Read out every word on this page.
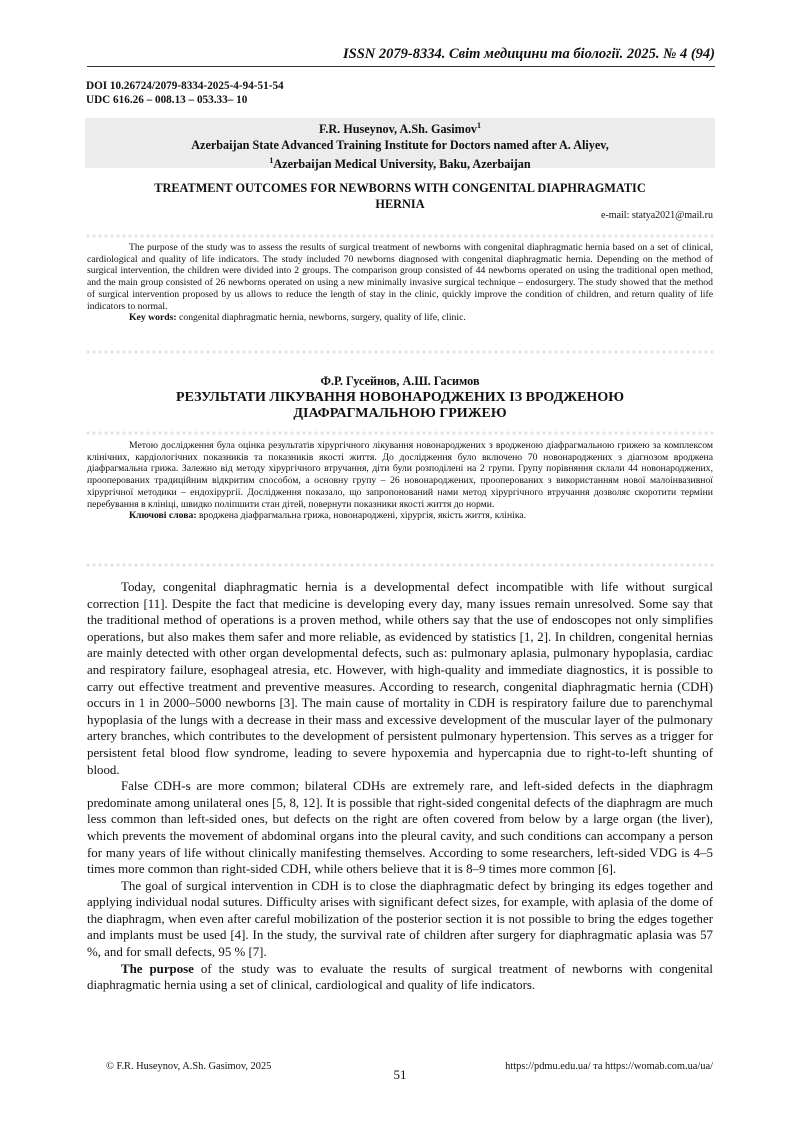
ISSN 2079-8334. Світ медицини та біології. 2025. № 4 (94)
DOI 10.26724/2079-8334-2025-4-94-51-54
UDC 616.26 – 008.13 – 053.33– 10
F.R. Huseynov, A.Sh. Gasimov$^1$
Azerbaijan State Advanced Training Institute for Doctors named after A. Aliyev,
$^1$Azerbaijan Medical University, Baku, Azerbaijan
TREATMENT OUTCOMES FOR NEWBORNS WITH CONGENITAL DIAPHRAGMATIC
HERNIA
e-mail: statya2021@mail.ru

The purpose of the study was to assess the results of surgical treatment of newborns with congenital diaphragmatic hernia based on a set of clinical, cardiological and quality of life indicators. The study included 70 newborns diagnosed with congenital diaphragmatic hernia. Depending on the method of surgical intervention, the children were divided into 2 groups. The comparison group consisted of 44 newborns operated on using the traditional open method, and the main group consisted of 26 newborns operated on using a new minimally invasive surgical technique – endosurgery. The study showed that the method of surgical intervention proposed by us allows to reduce the length of stay in the clinic, quickly improve the condition of children, and return quality of life indicators to normal.

Key words: congenital diaphragmatic hernia, newborns, surgery, quality of life, clinic.

Ф.Р. Гусейнов, А.Ш. Гасимов
РЕЗУЛЬТАТИ ЛІКУВАННЯ НОВОНАРОДЖЕНИХ ІЗ ВРОДЖЕНОЮ
ДІАФРАГМАЛЬНОЮ ГРИЖЕЮ

Метою дослідження була оцінка результатів хірургічного лікування новонароджених з вродженою діафрагмальною грижею за комплексом клінічних, кардіологічних показників та показників якості життя. До дослідження було включено 70 новонароджених з діагнозом вроджена діафрагмальна грижа. Залежно від методу хірургічного втручання, діти були розподілені на 2 групи. Групу порівняння склали 44 новонароджених, прооперованих традиційним відкритим способом, а основну групу – 26 новонароджених, прооперованих з використанням нової малоінвазивної хірургічної методики – ендохірургії. Дослідження показало, що запропонований нами метод хірургічного втручання дозволяє скоротити терміни перебування в клініці, швидко поліпшити стан дітей, повернути показники якості життя до норми.

Ключові слова: вроджена діафрагмальна грижа, новонароджені, хірургія, якість життя, клініка.

Today, congenital diaphragmatic hernia is a developmental defect incompatible with life without surgical correction [11]. Despite the fact that medicine is developing every day, many issues remain unresolved. Some say that the traditional method of operations is a proven method, while others say that the use of endoscopes not only simplifies operations, but also makes them safer and more reliable, as evidenced by statistics [1, 2]. In children, congenital hernias are mainly detected with other organ developmental defects, such as: pulmonary aplasia, pulmonary hypoplasia, cardiac and respiratory failure, esophageal atresia, etc. However, with high-quality and immediate diagnostics, it is possible to carry out effective treatment and preventive measures. According to research, congenital diaphragmatic hernia (CDH) occurs in 1 in 2000–5000 newborns [3]. The main cause of mortality in CDH is respiratory failure due to parenchymal hypoplasia of the lungs with a decrease in their mass and excessive development of the muscular layer of the pulmonary artery branches, which contributes to the development of persistent pulmonary hypertension. This serves as a trigger for persistent fetal blood flow syndrome, leading to severe hypoxemia and hypercapnia due to right-to-left shunting of blood.

False CDH-s are more common; bilateral CDHs are extremely rare, and left-sided defects in the diaphragm predominate among unilateral ones [5, 8, 12]. It is possible that right-sided congenital defects of the diaphragm are much less common than left-sided ones, but defects on the right are often covered from below by a large organ (the liver), which prevents the movement of abdominal organs into the pleural cavity, and such conditions can accompany a person for many years of life without clinically manifesting themselves. According to some researchers, left-sided VDG is 4–5 times more common than right-sided CDH, while others believe that it is 8–9 times more common [6].

The goal of surgical intervention in CDH is to close the diaphragmatic defect by bringing its edges together and applying individual nodal sutures. Difficulty arises with significant defect sizes, for example, with aplasia of the dome of the diaphragm, when even after careful mobilization of the posterior section it is not possible to bring the edges together and implants must be used [4]. In the study, the survival rate of children after surgery for diaphragmatic aplasia was 57 %, and for small defects, 95 % [7].

The purpose of the study was to evaluate the results of surgical treatment of newborns with congenital diaphragmatic hernia using a set of clinical, cardiological and quality of life indicators.

© F.R. Huseynov, A.Sh. Gasimov, 2025	https://pdmu.edu.ua/ та https://womab.com.ua/ua/
51
